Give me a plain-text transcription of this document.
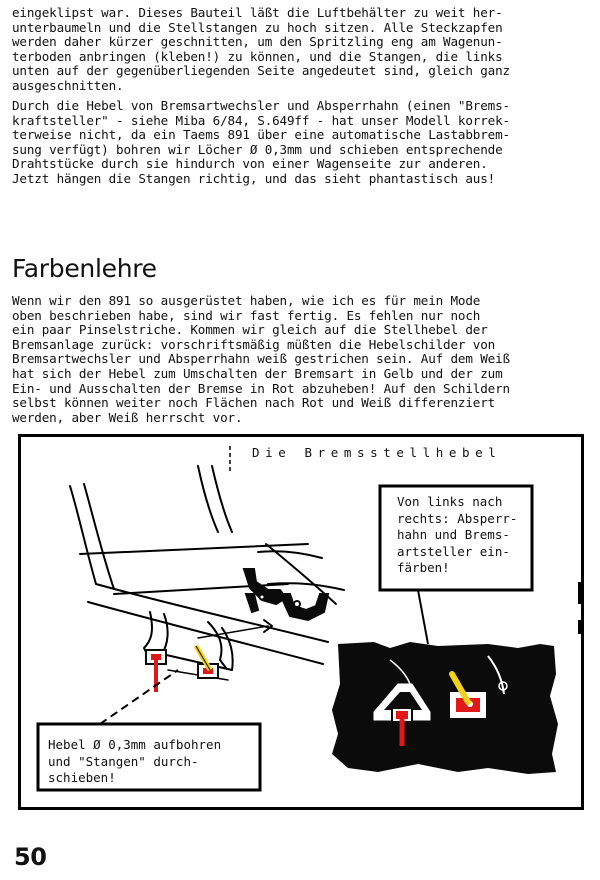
eingeklipst war. Dieses Bauteil läßt die Luftbehälter zu weit her-
unterbaumeln und die Stellstangen zu hoch sitzen. Alle Steckzapfen
werden daher kürzer geschnitten, um den Spritzling eng am Wagenun-
terboden anbringen (kleben!) zu können, und die Stangen, die links
unten auf der gegenüberliegenden Seite angedeutet sind, gleich ganz
ausgeschnitten.
Durch die Hebel von Bremsartwechsler und Absperrhahn (einen "Brems-
kraftsteller" - siehe Miba 6/84, S.649ff - hat unser Modell korrek-
terweise nicht, da ein Taems 891 über eine automatische Lastabbrem-
sung verfügt) bohren wir Löcher Ø 0,3mm und schieben entsprechende
Drahtstücke durch sie hindurch von einer Wagenseite zur anderen.
Jetzt hängen die Stangen richtig, und das sieht phantastisch aus!
Farbenlehre
Wenn wir den 891 so ausgerüstet haben, wie ich es für mein Mode
oben beschrieben habe, sind wir fast fertig. Es fehlen nur noch
ein paar Pinselstriche. Kommen wir gleich auf die Stellhebel der
Bremsanlage zurück: vorschriftsmäßig müßten die Hebelschilder von
Bremsartwechsler und Absperrhahn weiß gestrichen sein. Auf dem Weiß
hat sich der Hebel zum Umschalten der Bremsart in Gelb und der zum
Ein- und Ausschalten der Bremse in Rot abzuheben! Auf den Schildern
selbst können weiter noch Flächen nach Rot und Weiß differenziert
werden, aber Weiß herrscht vor.
Die Bremsstellhebel
Von links nach
rechts: Absperr-
hahn und Brems-
artsteller ein-
färben!
Hebel Ø 0,3mm aufbohren
und "Stangen" durch-
schieben!
50
